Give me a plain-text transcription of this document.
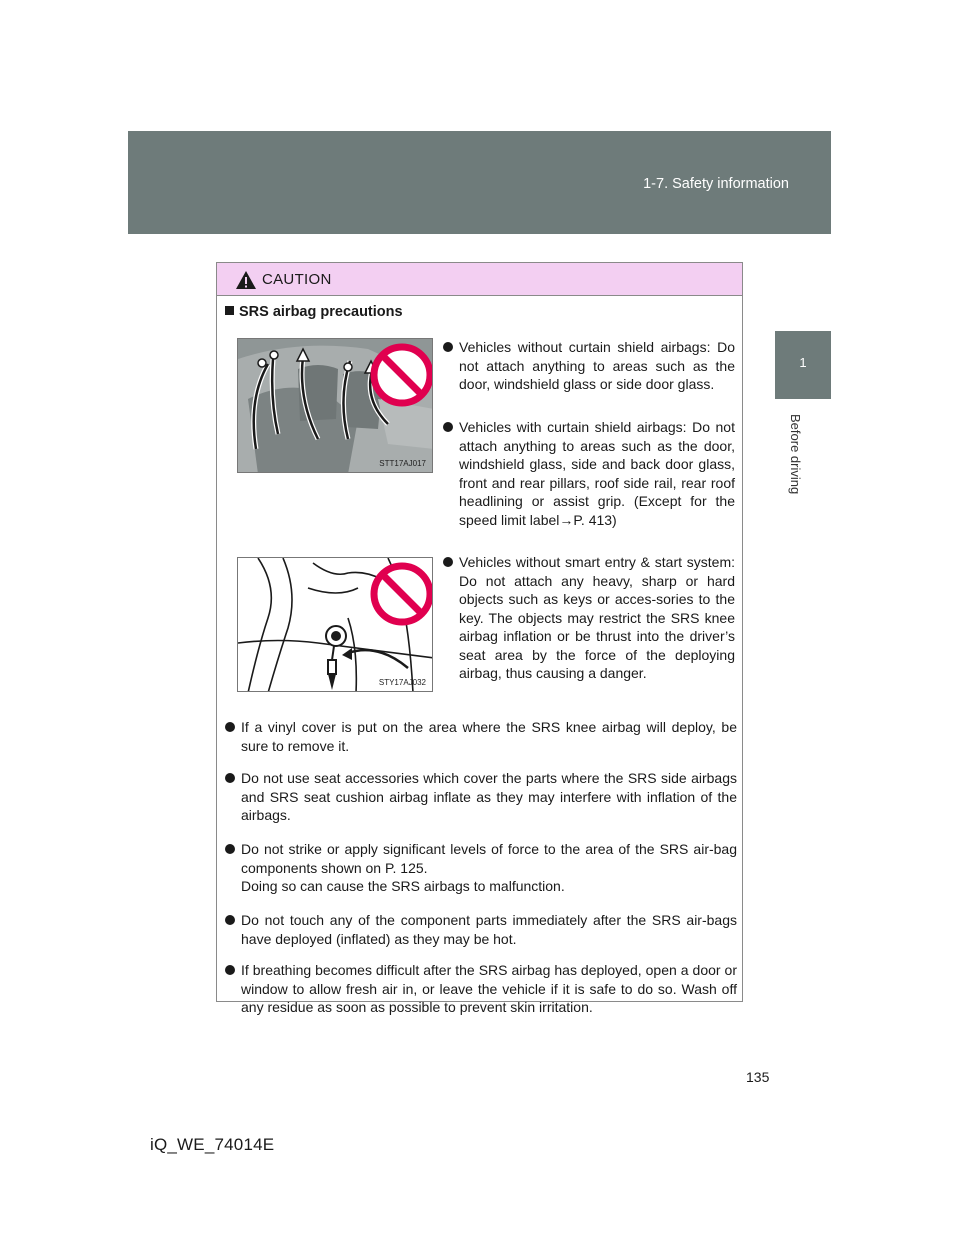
1-7. Safety information
1
Before driving
CAUTION
SRS airbag precautions
STT17AJ017
STY17AJ032
Vehicles without curtain shield airbags: Do not attach anything to areas such as the door, windshield glass or side door glass.
Vehicles with curtain shield airbags: Do not attach anything to areas such as the door, windshield glass, side and back door glass, front and rear pillars, roof side rail, rear roof headlining or assist grip. (Except for the speed limit label→P. 413)
Vehicles without smart entry & start system: Do not attach any heavy, sharp or hard objects such as keys or acces-sories to the key. The objects may restrict the SRS knee airbag inflation or be thrust into the driver’s seat area by the force of the deploying airbag, thus causing a danger.
If a vinyl cover is put on the area where the SRS knee airbag will deploy, be sure to remove it.
Do not use seat accessories which cover the parts where the SRS side airbags and SRS seat cushion airbag inflate as they may interfere with inflation of the airbags.
Do not strike or apply significant levels of force to the area of the SRS air-bag components shown on P. 125.
Doing so can cause the SRS airbags to malfunction.
Do not touch any of the component parts immediately after the SRS air-bags have deployed (inflated) as they may be hot.
If breathing becomes difficult after the SRS airbag has deployed, open a door or window to allow fresh air in, or leave the vehicle if it is safe to do so. Wash off any residue as soon as possible to prevent skin irritation.
135
iQ_WE_74014E
